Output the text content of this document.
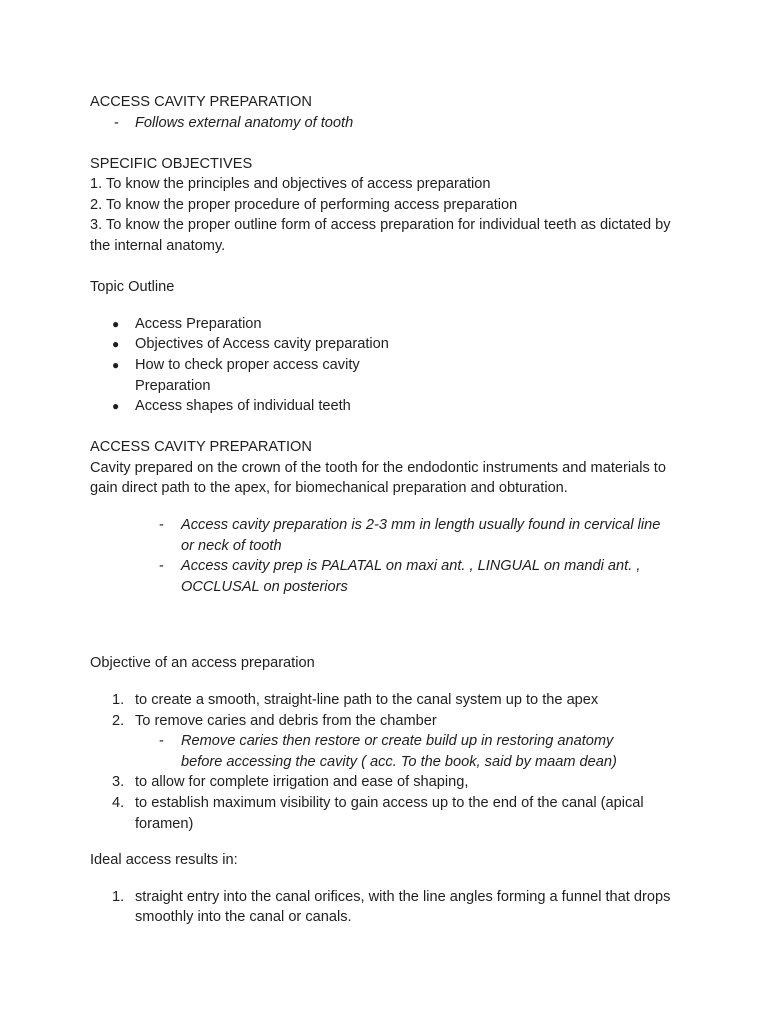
ACCESS CAVITY PREPARATION
- Follows external anatomy of tooth
SPECIFIC OBJECTIVES
1. To know the principles and objectives of access preparation
2. To know the proper procedure of performing access preparation
3. To know the proper outline form of access preparation for individual teeth as dictated by the internal anatomy.
Topic Outline
● Access Preparation
● Objectives of Access cavity preparation
● How to check proper access cavity Preparation
● Access shapes of individual teeth
ACCESS CAVITY PREPARATION
Cavity prepared on the crown of the tooth for the endodontic instruments and materials to gain direct path to the apex, for biomechanical preparation and obturation.
- Access cavity preparation is 2-3 mm in length usually found in cervical line or neck of tooth
- Access cavity prep is PALATAL on maxi ant. , LINGUAL on mandi ant. , OCCLUSAL on posteriors
Objective of an access preparation
1. to create a smooth, straight-line path to the canal system up to the apex
2. To remove caries and debris from the chamber
- Remove caries then restore or create build up in restoring anatomy before accessing the cavity ( acc. To the book, said by maam dean)
3. to allow for complete irrigation and ease of shaping,
4. to establish maximum visibility to gain access up to the end of the canal (apical foramen)
Ideal access results in:
1. straight entry into the canal orifices, with the line angles forming a funnel that drops smoothly into the canal or canals.
